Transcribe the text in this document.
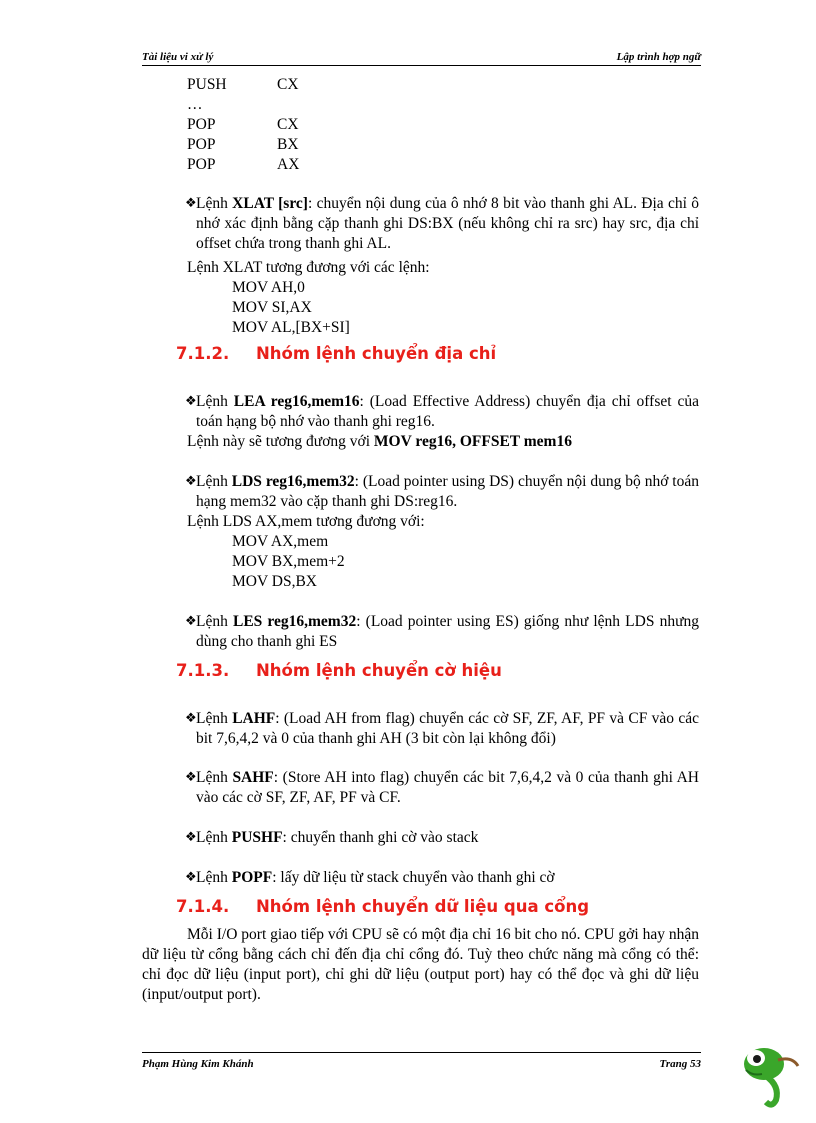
Tài liệu vi xử lý	Lập trình hợp ngữ
PUSH	CX
…
POP	CX
POP	BX
POP	AX
❖ Lệnh XLAT [src]: chuyển nội dung của ô nhớ 8 bit vào thanh ghi AL. Địa chỉ ô nhớ xác định bằng cặp thanh ghi DS:BX (nếu không chỉ ra src) hay src, địa chỉ offset chứa trong thanh ghi AL.
Lệnh XLAT tương đương với các lệnh:
MOV AH,0
MOV SI,AX
MOV AL,[BX+SI]
7.1.2. Nhóm lệnh chuyển địa chỉ
❖ Lệnh LEA reg16,mem16: (Load Effective Address) chuyển địa chỉ offset của toán hạng bộ nhớ vào thanh ghi reg16.
Lệnh này sẽ tương đương với MOV reg16, OFFSET mem16
❖ Lệnh LDS reg16,mem32: (Load pointer using DS) chuyển nội dung bộ nhớ toán hạng mem32 vào cặp thanh ghi DS:reg16.
Lệnh LDS AX,mem tương đương với:
MOV AX,mem
MOV BX,mem+2
MOV DS,BX
❖ Lệnh LES reg16,mem32: (Load pointer using ES) giống như lệnh LDS nhưng dùng cho thanh ghi ES
7.1.3. Nhóm lệnh chuyển cờ hiệu
❖ Lệnh LAHF: (Load AH from flag) chuyển các cờ SF, ZF, AF, PF và CF vào các bit 7,6,4,2 và 0 của thanh ghi AH (3 bit còn lại không đổi)
❖ Lệnh SAHF: (Store AH into flag) chuyển các bit 7,6,4,2 và 0 của thanh ghi AH vào các cờ SF, ZF, AF, PF và CF.
❖ Lệnh PUSHF: chuyển thanh ghi cờ vào stack
❖ Lệnh POPF: lấy dữ liệu từ stack chuyển vào thanh ghi cờ
7.1.4. Nhóm lệnh chuyển dữ liệu qua cổng
Mỗi I/O port giao tiếp với CPU sẽ có một địa chỉ 16 bit cho nó. CPU gởi hay nhận dữ liệu từ cổng bằng cách chỉ đến địa chỉ cổng đó. Tuỳ theo chức năng mà cổng có thể: chỉ đọc dữ liệu (input port), chỉ ghi dữ liệu (output port) hay có thể đọc và ghi dữ liệu (input/output port).
Phạm Hùng Kim Khánh	Trang 53
